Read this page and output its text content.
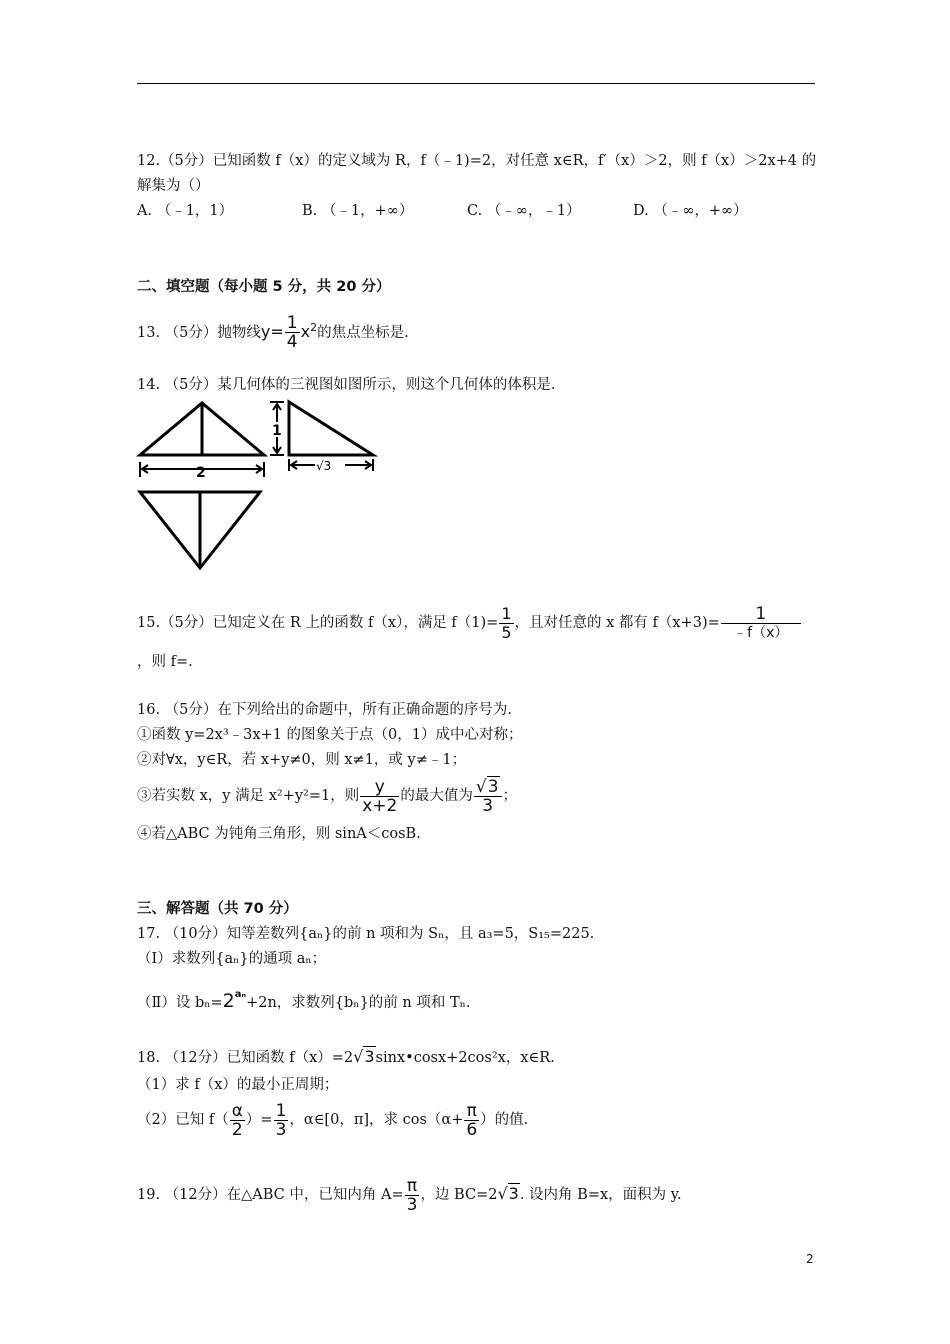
12.（5分）已知函数 f（x）的定义域为 R，f（﹣1)=2，对任意 x∈R，f′（x）＞2，则 f（x）＞2x+4 的
解集为（）
A. （﹣1，1）	B. （﹣1，+∞）	C. （﹣∞，﹣1）	D. （﹣∞，+∞）
二、填空题（每小题 5 分，共 20 分）
13. （5分）抛物线$y= \frac{1}{4} x^2$的焦点坐标是.
14. （5分）某几何体的三视图如图所示，则这个几何体的体积是.
2
1
√3
15.（5分）已知定义在 R 上的函数 f（x），满足 $f(1)= \frac{1}{5}$ ，且对任意的 x 都有 $f(x+3)= \frac{1}{﹣f(x)}$
，则 f=.
16. （5分）在下列给出的命题中，所有正确命题的序号为.
①函数 y=2x³﹣3x+1 的图象关于点（0，1）成中心对称；
②对∀x，y∈R，若 x+y≠0，则 x≠1，或 y≠﹣1；
③若实数 x，y 满足 x²+y²=1，则 $\frac{y}{x+2}$ 的最大值为 $\frac{√3}{3}$ ；
④若△ABC 为钝角三角形，则 sinA＜cosB.
三、解答题（共 70 分）
17. （10分）知等差数列{aₙ}的前 n 项和为 Sₙ，且 a₃=5，S₁₅=225.
（Ⅰ）求数列{aₙ}的通项 aₙ；
（Ⅱ）设 $b_n=2^{a_n}+2n$，求数列{bₙ}的前 n 项和 Tₙ.
18. （12分）已知函数 f（x）=2√3sinx•cosx+2cos²x，x∈R.
（1）求 f（x）的最小正周期；
（2）已知 $f( \frac{\alpha}{2}$ ）= $\frac{1}{3}$ ，α∈[0，π]，求 $\cos(\alpha+ \frac{\pi}{6}$ ）的值.
19. （12分）在△ABC 中，已知内角 $A= \frac{\pi}{3}$ ，边 BC=2√3. 设内角 B=x，面积为 y.
2
